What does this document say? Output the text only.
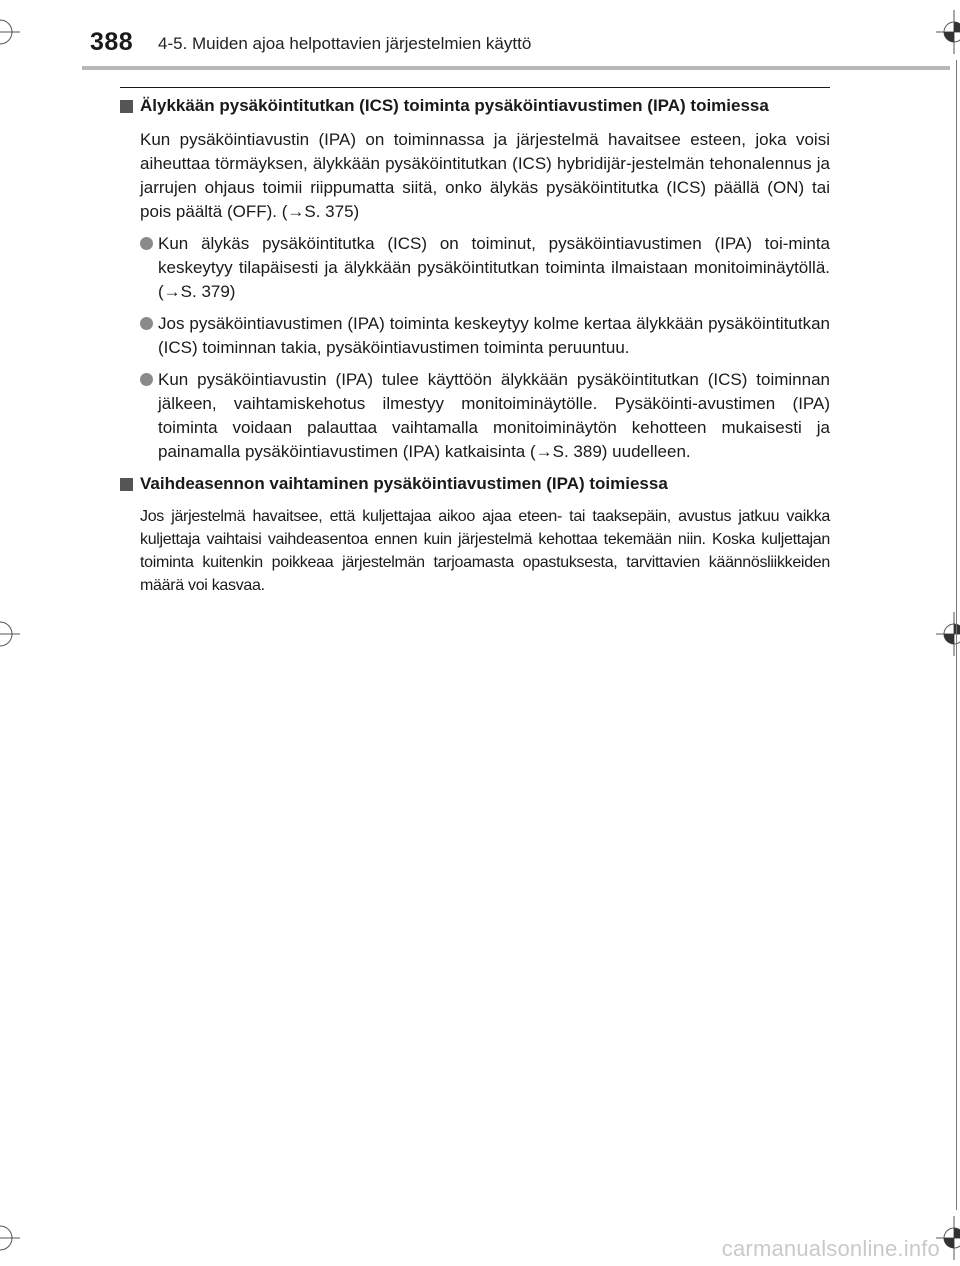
388 4-5. Muiden ajoa helpottavien järjestelmien käyttö
Älykkään pysäköintitutkan (ICS) toiminta pysäköintiavustimen (IPA) toimiessa

Kun pysäköintiavustin (IPA) on toiminnassa ja järjestelmä havaitsee esteen, joka voisi aiheuttaa törmäyksen, älykkään pysäköintitutkan (ICS) hybridijär-jestelmän tehonalennus ja jarrujen ohjaus toimii riippumatta siitä, onko älykäs pysäköintitutka (ICS) päällä (ON) tai pois päältä (OFF). (→S. 375)

Kun älykäs pysäköintitutka (ICS) on toiminut, pysäköintiavustimen (IPA) toi-minta keskeytyy tilapäisesti ja älykkään pysäköintitutkan toiminta ilmaistaan monitoiminäytöllä. (→S. 379)
Jos pysäköintiavustimen (IPA) toiminta keskeytyy kolme kertaa älykkään pysäköintitutkan (ICS) toiminnan takia, pysäköintiavustimen toiminta peruuntuu.
Kun pysäköintiavustin (IPA) tulee käyttöön älykkään pysäköintitutkan (ICS) toiminnan jälkeen, vaihtamiskehotus ilmestyy monitoiminäytölle. Pysäköinti-avustimen (IPA) toiminta voidaan palauttaa vaihtamalla monitoiminäytön kehotteen mukaisesti ja painamalla pysäköintiavustimen (IPA) katkaisinta (→S. 389) uudelleen.
Vaihdeasennon vaihtaminen pysäköintiavustimen (IPA) toimiessa

Jos järjestelmä havaitsee, että kuljettajaa aikoo ajaa eteen- tai taaksepäin, avustus jatkuu vaikka kuljettaja vaihtaisi vaihdeasentoa ennen kuin järjestelmä kehottaa tekemään niin. Koska kuljettajan toiminta kuitenkin poikkeaa järjestelmän tarjoamasta opastuksesta, tarvittavien käännösliikkeiden määrä voi kasvaa.

carmanualsonline.info
